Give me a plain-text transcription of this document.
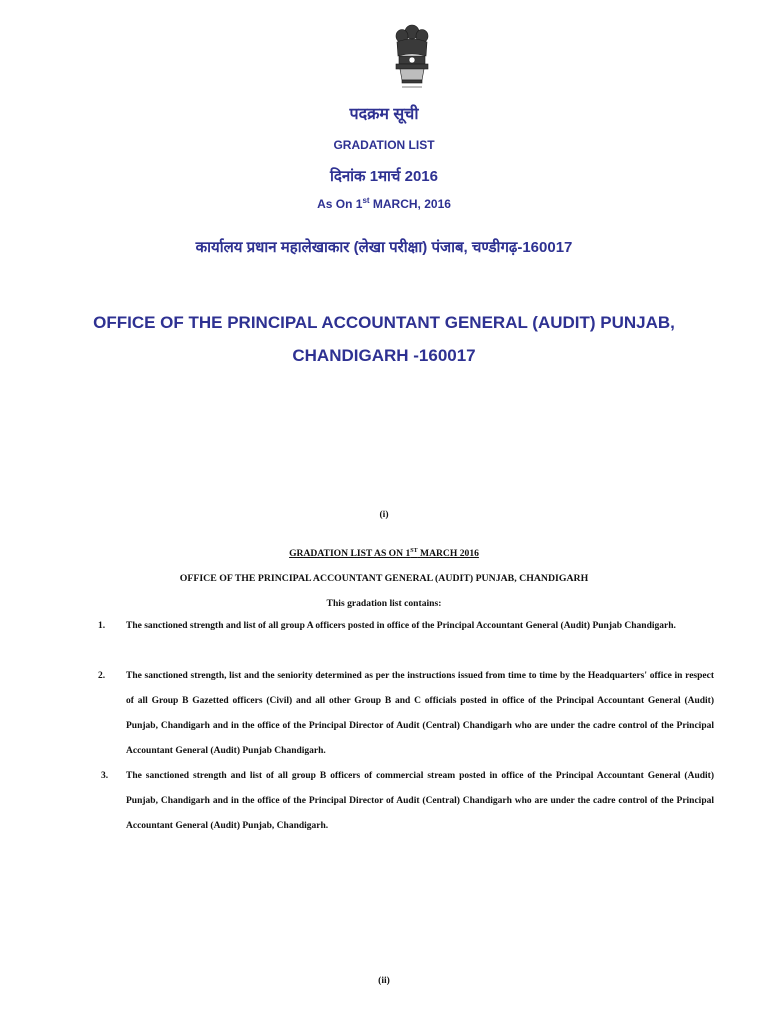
पदक्रम सूची
GRADATION LIST
दिनांक 1मार्च 2016
As On 1st MARCH, 2016
कार्यालय प्रधान महालेखाकार (लेखा परीक्षा) पंजाब, चण्डीगढ़-160017
OFFICE OF THE PRINCIPAL ACCOUNTANT GENERAL (AUDIT) PUNJAB,
CHANDIGARH -160017
(i)
GRADATION LIST AS ON 1ST MARCH 2016
OFFICE OF THE PRINCIPAL ACCOUNTANT GENERAL (AUDIT) PUNJAB, CHANDIGARH
This gradation list contains:
1. The sanctioned strength and list of all group A officers posted in office of the Principal Accountant General (Audit) Punjab Chandigarh.
2. The sanctioned strength, list and the seniority determined as per the instructions issued from time to time by the Headquarters' office in respect of all Group B Gazetted officers (Civil) and all other Group B and C officials posted in office of the Principal Accountant General (Audit) Punjab, Chandigarh and in the office of the Principal Director of Audit (Central) Chandigarh who are under the cadre control of the Principal Accountant General (Audit) Punjab Chandigarh.
3. The sanctioned strength and list of all group B officers of commercial stream posted in office of the Principal Accountant General (Audit) Punjab, Chandigarh and in the office of the Principal Director of Audit (Central) Chandigarh who are under the cadre control of the Principal Accountant General (Audit) Punjab, Chandigarh.
(ii)
